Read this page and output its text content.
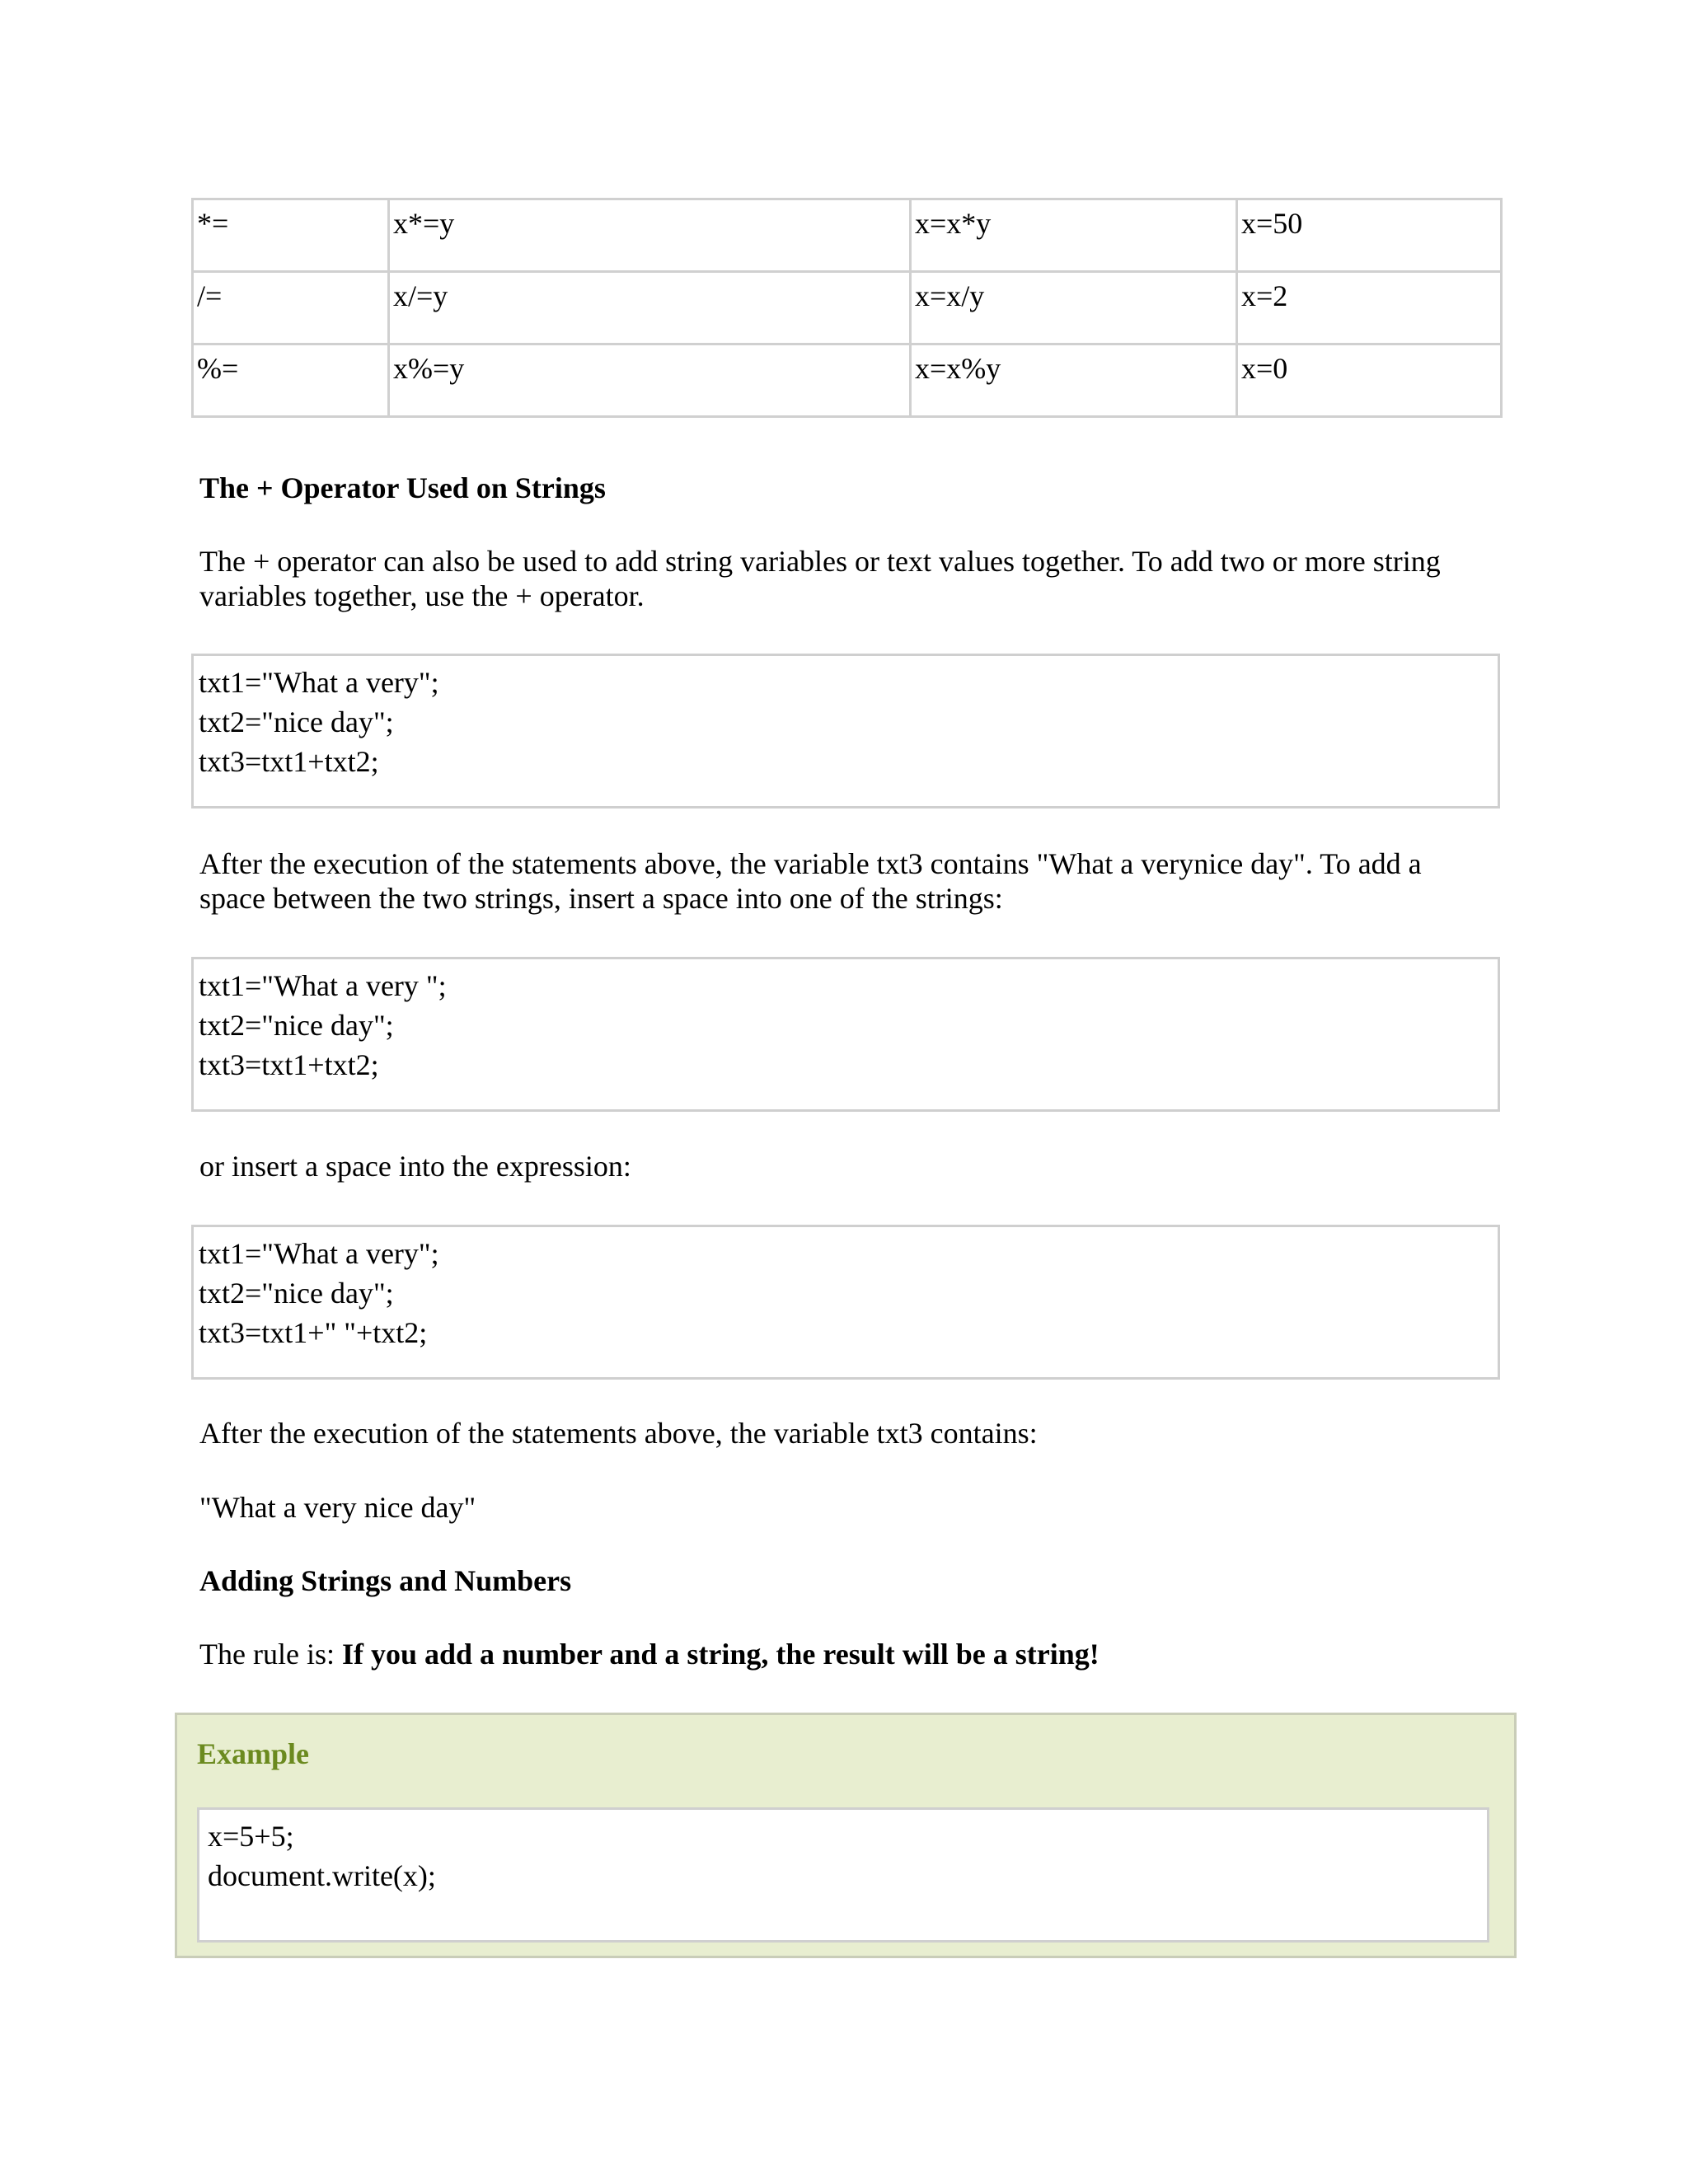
*=	x*=y	x=x*y	x=50
/=	x/=y	x=x/y	x=2
%=	x%=y	x=x%y	x=0
The + Operator Used on Strings
The + operator can also be used to add string variables or text values together. To add two or more string
variables together, use the + operator.
txt1="What a very";
txt2="nice day";
txt3=txt1+txt2;
After the execution of the statements above, the variable txt3 contains "What a verynice day". To add a
space between the two strings, insert a space into one of the strings:
txt1="What a very ";
txt2="nice day";
txt3=txt1+txt2;
or insert a space into the expression:
txt1="What a very";
txt2="nice day";
txt3=txt1+" "+txt2;
After the execution of the statements above, the variable txt3 contains:
"What a very nice day"
Adding Strings and Numbers
The rule is: If you add a number and a string, the result will be a string!
Example
x=5+5;
document.write(x);
